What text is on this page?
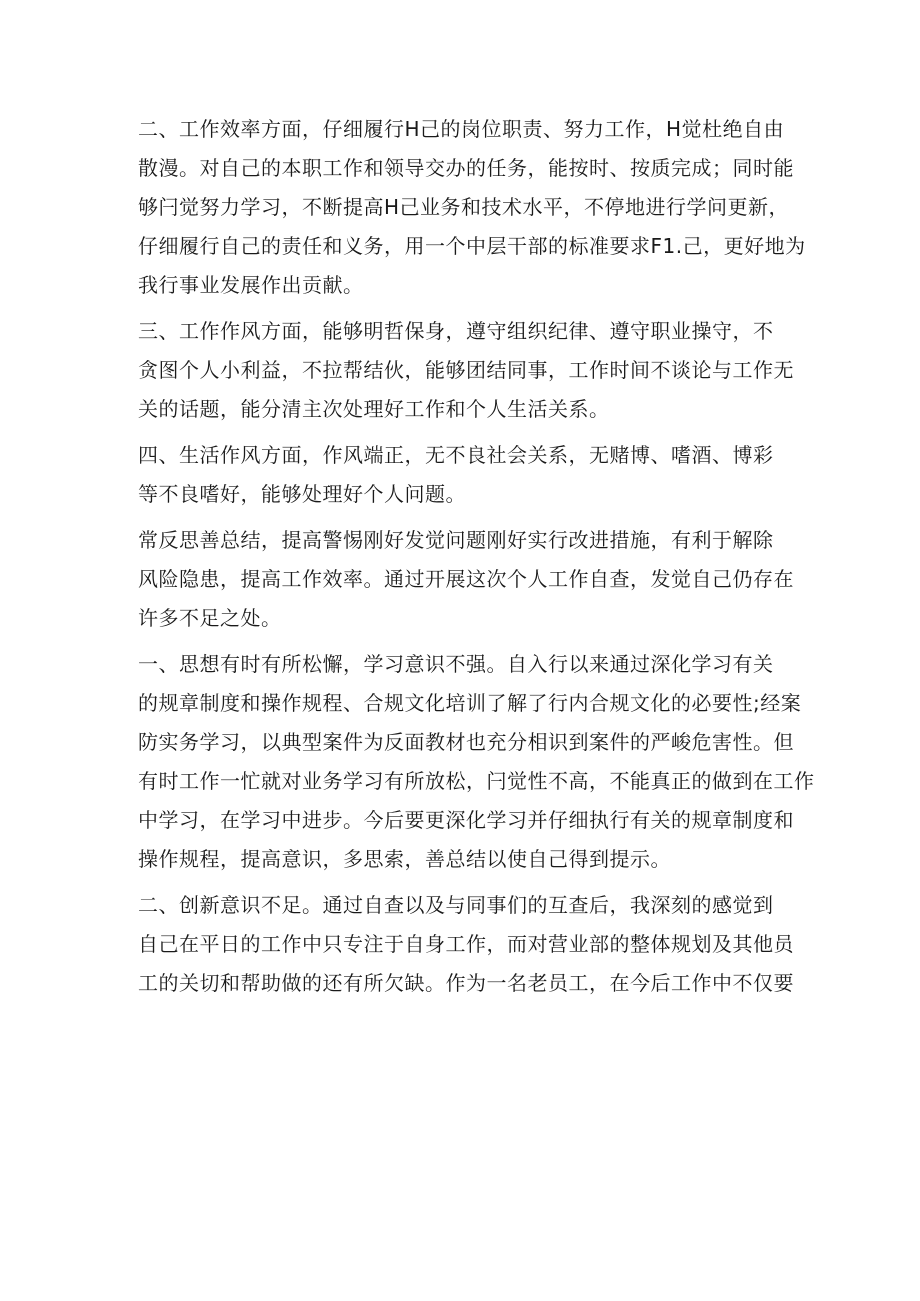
二、工作效率方面，仔细履行H己的岗位职责、努力工作，H觉杜绝自由
散漫。对自己的本职工作和领导交办的任务，能按时、按质完成；同时能
够闩觉努力学习，不断提高H己业务和技术水平，不停地进行学问更新，
仔细履行自己的责任和义务，用一个中层干部的标准要求F1.己，更好地为
我行事业发展作出贡献。

三、工作作风方面，能够明哲保身，遵守组织纪律、遵守职业操守，不
贪图个人小利益，不拉帮结伙，能够团结同事，工作时间不谈论与工作无
关的话题，能分清主次处理好工作和个人生活关系。

四、生活作风方面，作风端正，无不良社会关系，无赌博、嗜酒、博彩
等不良嗜好，能够处理好个人问题。

常反思善总结，提高警惕刚好发觉问题刚好实行改进措施，有利于解除
风险隐患，提高工作效率。通过开展这次个人工作自查，发觉自己仍存在
许多不足之处。

一、思想有时有所松懈，学习意识不强。自入行以来通过深化学习有关
的规章制度和操作规程、合规文化培训了解了行内合规文化的必要性;经案
防实务学习，以典型案件为反面教材也充分相识到案件的严峻危害性。但
有时工作一忙就对业务学习有所放松，闩觉性不高，不能真正的做到在工作
中学习，在学习中进步。今后要更深化学习并仔细执行有关的规章制度和
操作规程，提高意识，多思索，善总结以使自己得到提示。

二、创新意识不足。通过自查以及与同事们的互查后，我深刻的感觉到
自己在平日的工作中只专注于自身工作，而对营业部的整体规划及其他员
工的关切和帮助做的还有所欠缺。作为一名老员工，在今后工作中不仅要
